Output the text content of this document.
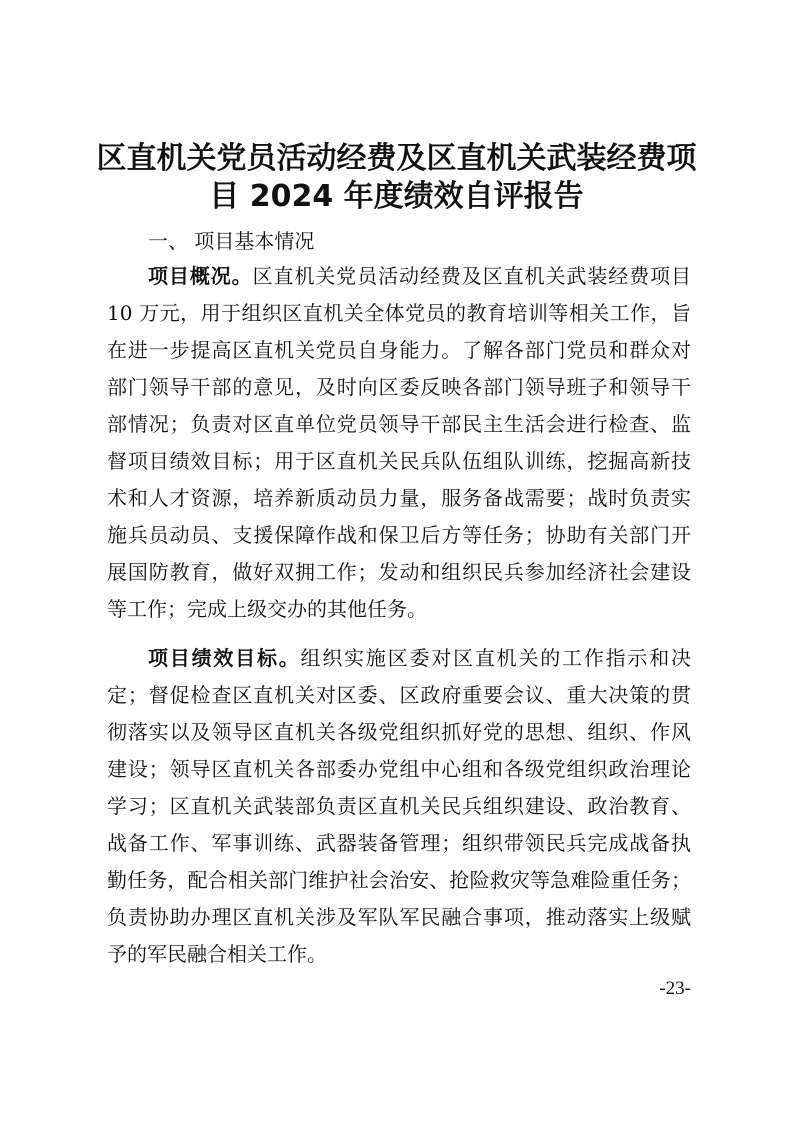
区直机关党员活动经费及区直机关武装经费项
目 2024 年度绩效自评报告
一、 项目基本情况
项目概况。区直机关党员活动经费及区直机关武装经费项目
10 万元，用于组织区直机关全体党员的教育培训等相关工作，旨
在进一步提高区直机关党员自身能力。了解各部门党员和群众对
部门领导干部的意见，及时向区委反映各部门领导班子和领导干
部情况；负责对区直单位党员领导干部民主生活会进行检查、监
督项目绩效目标；用于区直机关民兵队伍组队训练，挖掘高新技
术和人才资源，培养新质动员力量，服务备战需要；战时负责实
施兵员动员、支援保障作战和保卫后方等任务；协助有关部门开
展国防教育，做好双拥工作；发动和组织民兵参加经济社会建设
等工作；完成上级交办的其他任务。
项目绩效目标。组织实施区委对区直机关的工作指示和决
定；督促检查区直机关对区委、区政府重要会议、重大决策的贯
彻落实以及领导区直机关各级党组织抓好党的思想、组织、作风
建设；领导区直机关各部委办党组中心组和各级党组织政治理论
学习；区直机关武装部负责区直机关民兵组织建设、政治教育、
战备工作、军事训练、武器装备管理；组织带领民兵完成战备执
勤任务，配合相关部门维护社会治安、抢险救灾等急难险重任务；
负责协助办理区直机关涉及军队军民融合事项，推动落实上级赋
予的军民融合相关工作。
-23-
